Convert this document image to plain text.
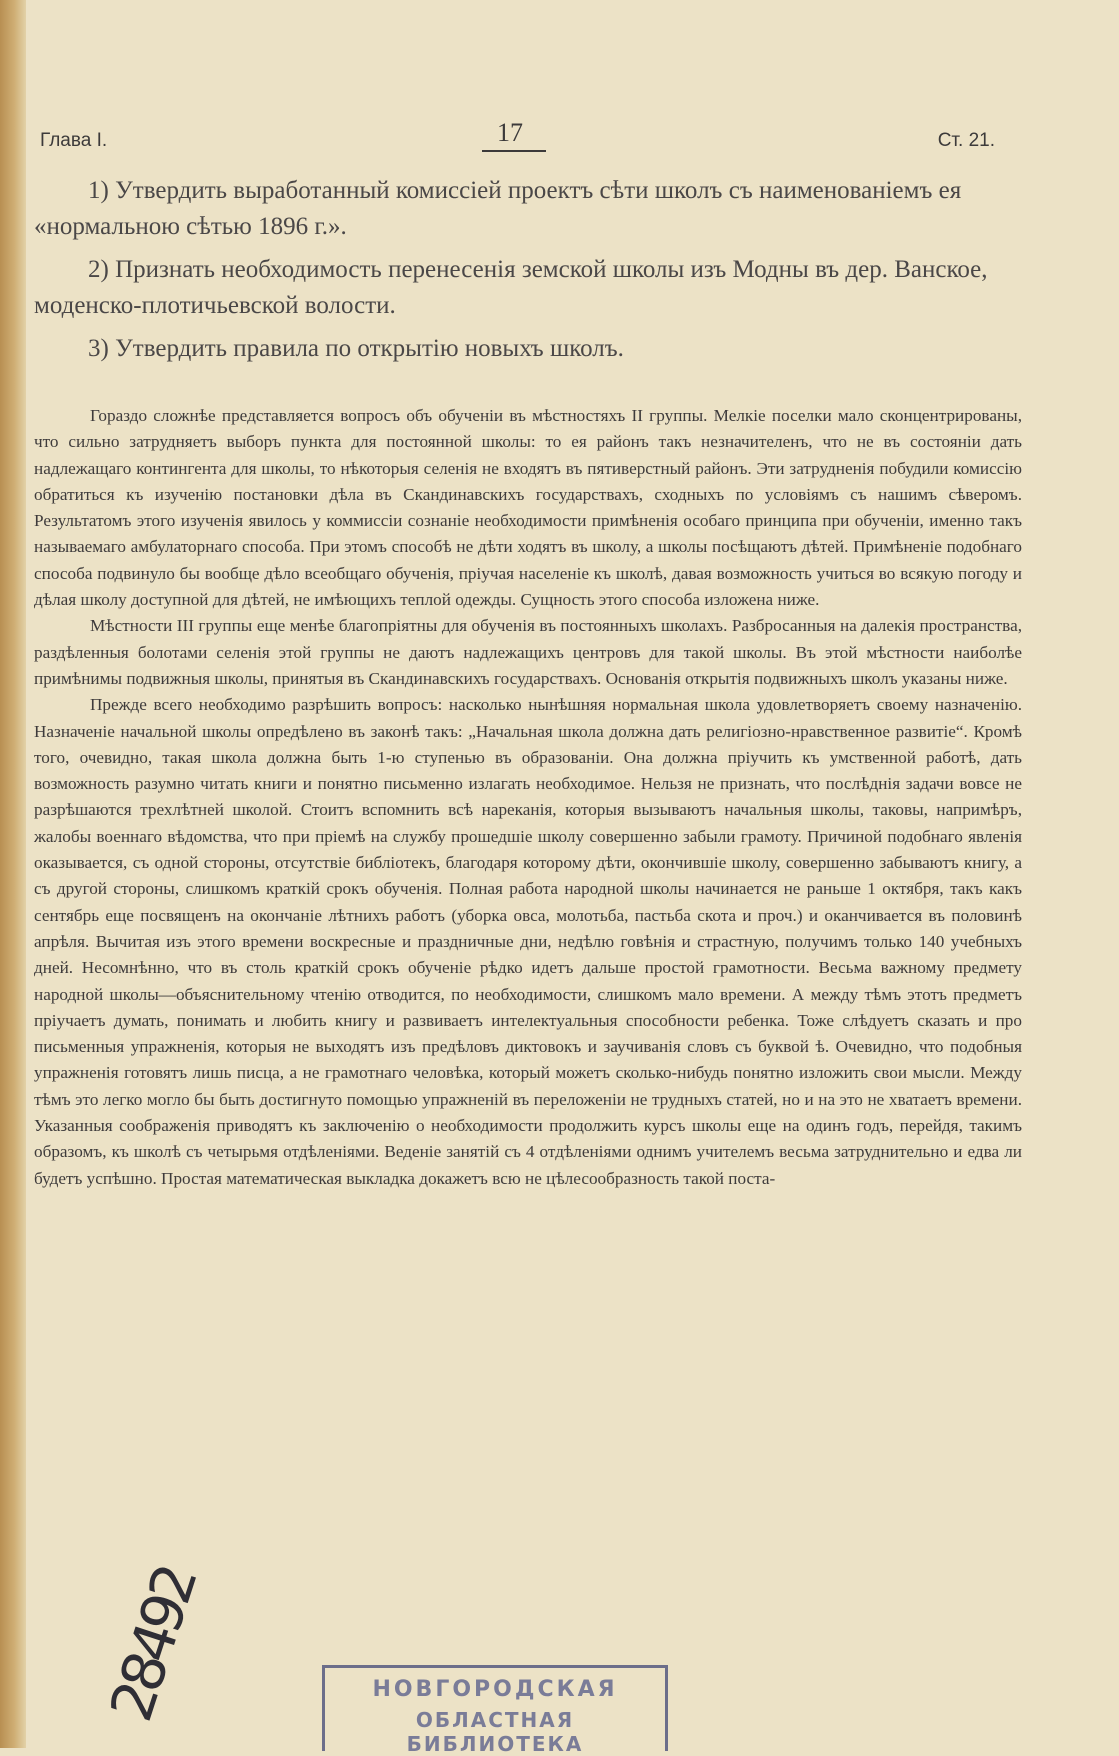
Глава I.	17	Ст. 21.

1) Утвердить выработанный комиссіей проектъ сѣти школъ съ наименованіемъ ея «нормальною сѣтью 1896 г.».

2) Признать необходимость перенесенія земской школы изъ Модны въ дер. Ванское, моденско-плотичьевской волости.

3) Утвердить правила по открытію новыхъ школъ.

Гораздо сложнѣе представляется вопросъ объ обученіи въ мѣстностяхъ II группы. Мелкіе поселки мало сконцентрированы, что сильно затрудняетъ выборъ пункта для постоянной школы: то ея районъ такъ незначителенъ, что не въ состояніи дать надлежащаго контингента для школы, то нѣкоторыя селенія не входятъ въ пятиверстный районъ. Эти затрудненія побудили комиссію обратиться къ изученію постановки дѣла въ Скандинавскихъ государствахъ, сходныхъ по условіямъ съ нашимъ сѣверомъ. Результатомъ этого изученія явилось у коммиссіи сознаніе необходимости примѣненія особаго принципа при обученіи, именно такъ называемаго амбулаторнаго способа. При этомъ способѣ не дѣти ходятъ въ школу, а школы посѣщаютъ дѣтей. Примѣненіе подобнаго способа подвинуло бы вообще дѣло всеобщаго обученія, пріучая населеніе къ школѣ, давая возможность учиться во всякую погоду и дѣлая школу доступной для дѣтей, не имѣющихъ теплой одежды. Сущность этого способа изложена ниже.

Мѣстности III группы еще менѣе благопріятны для обученія въ постоянныхъ школахъ. Разбросанныя на далекія пространства, раздѣленныя болотами селенія этой группы не даютъ надлежащихъ центровъ для такой школы. Въ этой мѣстности наиболѣе примѣнимы подвижныя школы, принятыя въ Скандинавскихъ государствахъ. Основанія открытія подвижныхъ школъ указаны ниже.

Прежде всего необходимо разрѣшить вопросъ: насколько нынѣшняя нормальная школа удовлетворяетъ своему назначенію. Назначеніе начальной школы опредѣлено въ законѣ такъ: „Начальная школа должна дать религіозно-нравственное развитіе“. Кромѣ того, очевидно, такая школа должна быть 1-ю ступенью въ образованіи. Она должна пріучить къ умственной работѣ, дать возможность разумно читать книги и понятно письменно излагать необходимое. Нельзя не признать, что послѣднія задачи вовсе не разрѣшаются трехлѣтней школой. Стоитъ вспомнить всѣ нареканія, которыя вызываютъ начальныя школы, таковы, напримѣръ, жалобы военнаго вѣдомства, что при пріемѣ на службу прошедшіе школу совершенно забыли грамоту. Причиной подобнаго явленія оказывается, съ одной стороны, отсутствіе библіотекъ, благодаря которому дѣти, окончившіе школу, совершенно забываютъ книгу, а съ другой стороны, слишкомъ краткій срокъ обученія. Полная работа народной школы начинается не раньше 1 октября, такъ какъ сентябрь еще посвященъ на окончаніе лѣтнихъ работъ (уборка овса, молотьба, пастьба скота и проч.) и оканчивается въ половинѣ апрѣля. Вычитая изъ этого времени воскресные и праздничные дни, недѣлю говѣнія и страстную, получимъ только 140 учебныхъ дней. Несомнѣнно, что въ столь краткій срокъ обученіе рѣдко идетъ дальше простой грамотности. Весьма важному предмету народной школы—объяснительному чтенію отводится, по необходимости, слишкомъ мало времени. А между тѣмъ этотъ предметъ пріучаетъ думать, понимать и любить книгу и развиваетъ интелектуальныя способности ребенка. Тоже слѣдуетъ сказать и про письменныя упражненія, которыя не выходятъ изъ предѣловъ диктовокъ и заучиванія словъ съ буквой ѣ. Очевидно, что подобныя упражненія готовятъ лишь писца, а не грамотнаго человѣка, который можетъ сколько-нибудь понятно изложить свои мысли. Между тѣмъ это легко могло бы быть достигнуто помощью упражненій въ переложеніи не трудныхъ статей, но и на это не хватаетъ времени. Указанныя соображенія приводятъ къ заключенію о необходимости продолжить курсъ школы еще на одинъ годъ, перейдя, такимъ образомъ, къ школѣ съ четырьмя отдѣленіями. Веденіе занятій съ 4 отдѣленіями однимъ учителемъ весьма затруднительно и едва ли будетъ успѣшно. Простая математическая выкладка докажетъ всю не цѣлесообразность такой поста-

28492	НОВГОРОДСКАЯ
ОБЛАСТНАЯ БИБЛИОТЕКА
